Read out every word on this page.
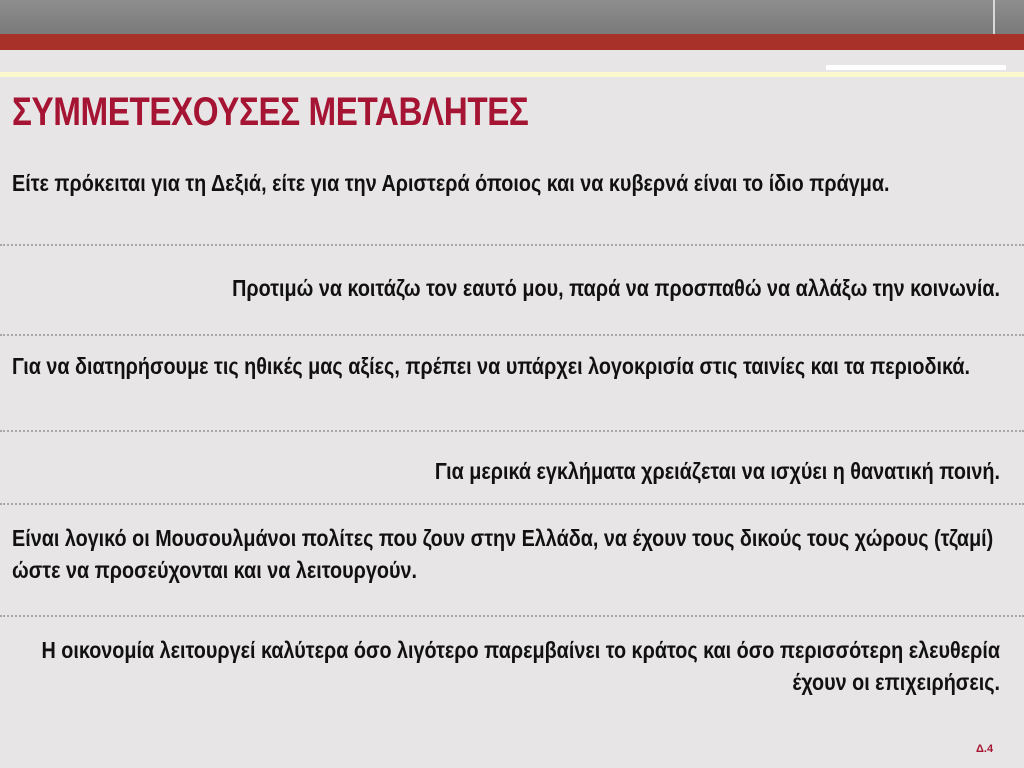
ΣΥΜΜΕΤΕΧΟΥΣΕΣ ΜΕΤΑΒΛΗΤΕΣ

Είτε πρόκειται για τη Δεξιά, είτε για την Αριστερά όποιος και να κυβερνά είναι το ίδιο πράγμα.

Προτιμώ να κοιτάζω τον εαυτό μου, παρά να προσπαθώ να αλλάξω την κοινωνία.

Για να διατηρήσουμε τις ηθικές μας αξίες, πρέπει να υπάρχει λογοκρισία στις ταινίες και τα περιοδικά.

Για μερικά εγκλήματα χρειάζεται να ισχύει η θανατική ποινή.

Είναι λογικό οι Μουσουλμάνοι πολίτες που ζουν στην Ελλάδα, να έχουν τους δικούς τους χώρους (τζαμί) ώστε να προσεύχονται και να λειτουργούν.

Η οικονομία λειτουργεί καλύτερα όσο λιγότερο παρεμβαίνει το κράτος και όσο περισσότερη ελευθερία έχουν οι επιχειρήσεις.

Δ.4
